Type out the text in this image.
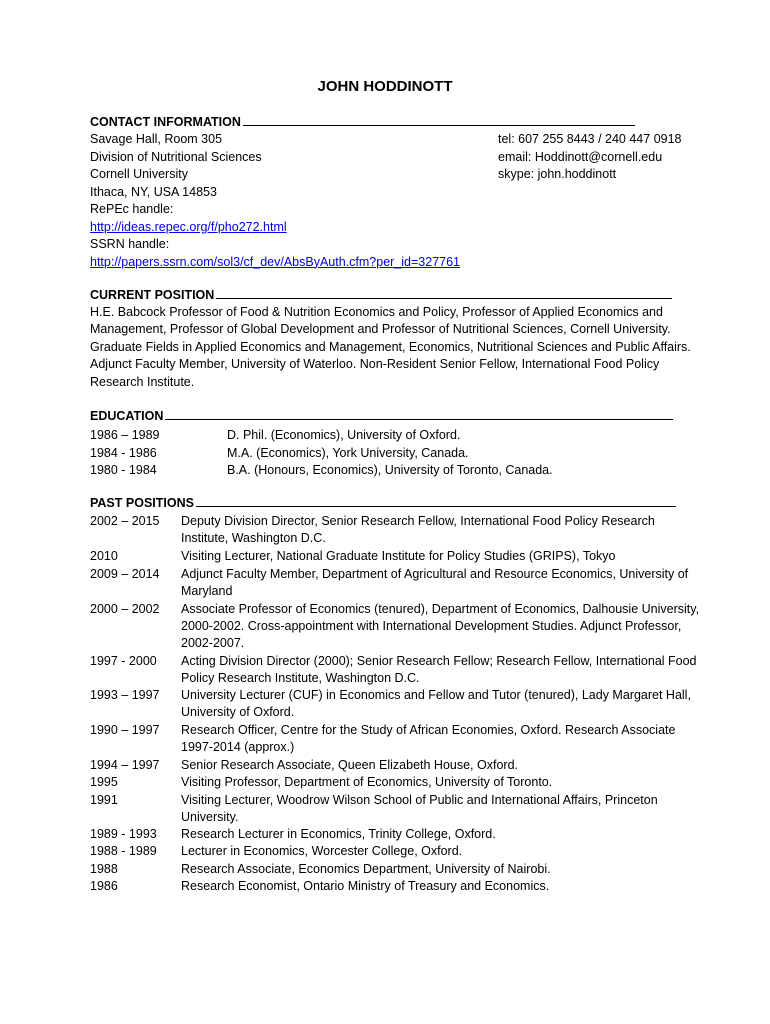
JOHN HODDINOTT
CONTACT INFORMATION
Savage Hall, Room 305
Division of Nutritional Sciences
Cornell University
Ithaca, NY, USA 14853
RePEc handle:
http://ideas.repec.org/f/pho272.html
SSRN handle:
http://papers.ssrn.com/sol3/cf_dev/AbsByAuth.cfm?per_id=327761
tel: 607 255 8443 / 240 447 0918
email: Hoddinott@cornell.edu
skype: john.hoddinott
CURRENT POSITION
H.E. Babcock Professor of Food & Nutrition Economics and Policy, Professor of Applied Economics and Management, Professor of Global Development and Professor of Nutritional Sciences, Cornell University. Graduate Fields in Applied Economics and Management, Economics, Nutritional Sciences and Public Affairs. Adjunct Faculty Member, University of Waterloo. Non-Resident Senior Fellow, International Food Policy Research Institute.
EDUCATION
1986 – 1989	D. Phil. (Economics), University of Oxford.
1984 - 1986	M.A. (Economics), York University, Canada.
1980 - 1984	B.A. (Honours, Economics), University of Toronto, Canada.
PAST POSITIONS
2002 – 2015 Deputy Division Director, Senior Research Fellow, International Food Policy Research Institute, Washington D.C.
2010	Visiting Lecturer, National Graduate Institute for Policy Studies (GRIPS), Tokyo
2009 – 2014 Adjunct Faculty Member, Department of Agricultural and Resource Economics, University of Maryland
2000 – 2002 Associate Professor of Economics (tenured), Department of Economics, Dalhousie University, 2000-2002. Cross-appointment with International Development Studies. Adjunct Professor, 2002-2007.
1997 - 2000 Acting Division Director (2000); Senior Research Fellow; Research Fellow, International Food Policy Research Institute, Washington D.C.
1993 – 1997 University Lecturer (CUF) in Economics and Fellow and Tutor (tenured), Lady Margaret Hall, University of Oxford.
1990 – 1997 Research Officer, Centre for the Study of African Economies, Oxford. Research Associate 1997-2014 (approx.)
1994 – 1997 Senior Research Associate, Queen Elizabeth House, Oxford.
1995	Visiting Professor, Department of Economics, University of Toronto.
1991	Visiting Lecturer, Woodrow Wilson School of Public and International Affairs, Princeton University.
1989 - 1993 Research Lecturer in Economics, Trinity College, Oxford.
1988 - 1989 Lecturer in Economics, Worcester College, Oxford.
1988	Research Associate, Economics Department, University of Nairobi.
1986	Research Economist, Ontario Ministry of Treasury and Economics.
